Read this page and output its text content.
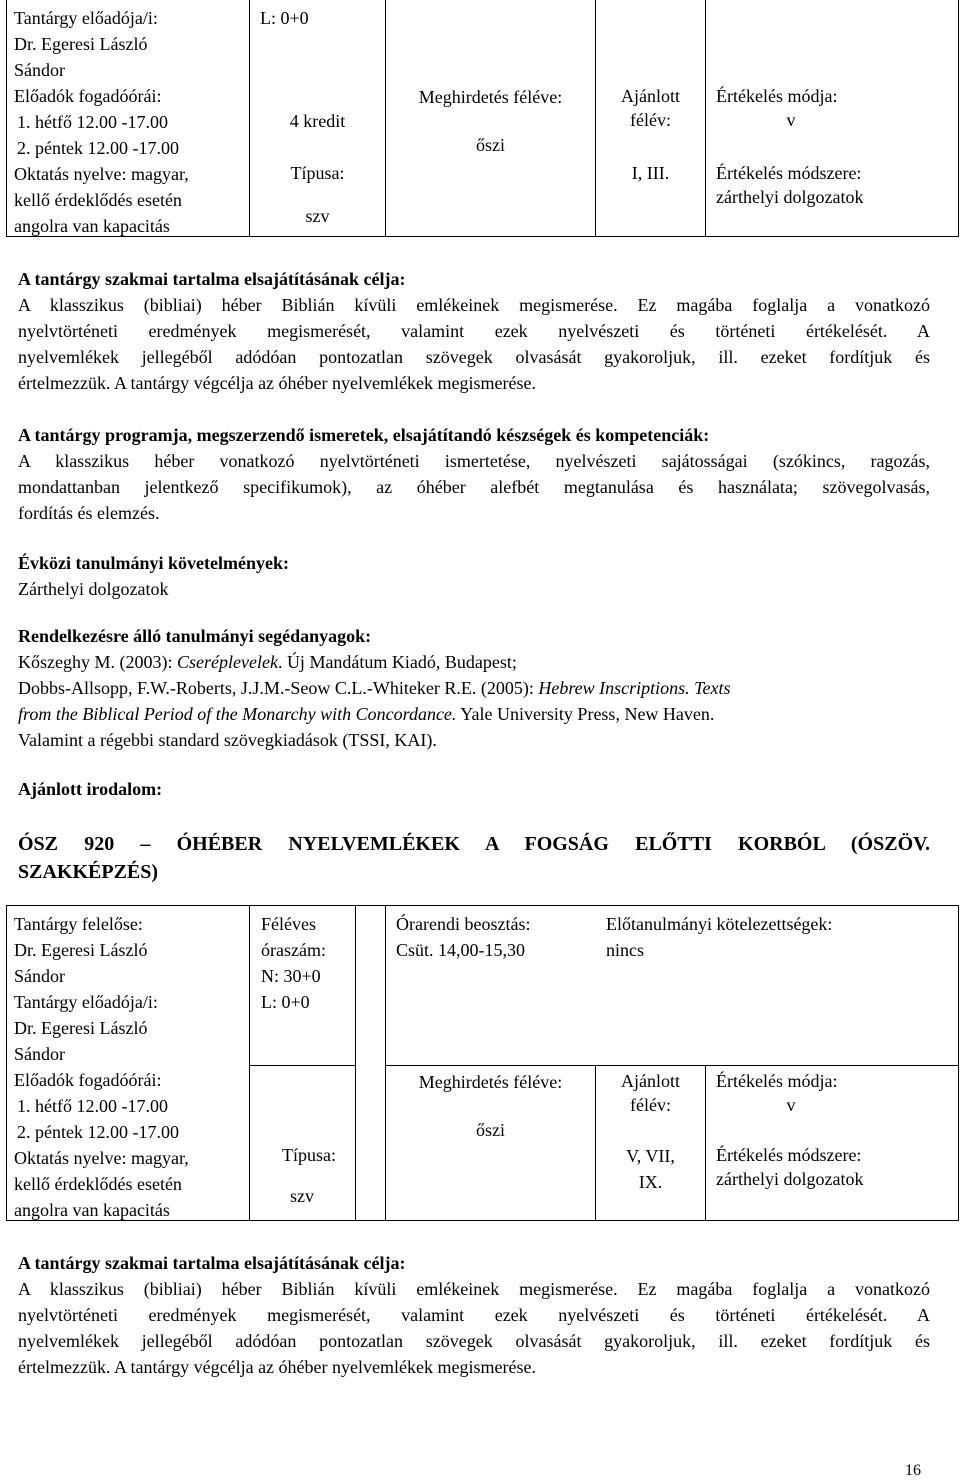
Tantárgy előadója/i:
Dr. Egeresi László
Sándor
Előadók fogadóórái:
1. hétfő 12.00 -17.00
2. péntek 12.00 -17.00
Oktatás nyelve: magyar,
kellő érdeklődés esetén
angolra van kapacitás
L: 0+0
4 kredit
Típusa:
szv
Meghirdetés féléve:
őszi
Ajánlott
félév:
I, III.
Értékelés módja:
v
Értékelés módszere:
zárthelyi dolgozatok
A tantárgy szakmai tartalma elsajátításának célja:
A klasszikus (bibliai) héber Biblián kívüli emlékeinek megismerése. Ez magába foglalja a vonatkozó
nyelvtörténeti eredmények megismerését, valamint ezek nyelvészeti és történeti értékelését. A
nyelvemlékek jellegéből adódóan pontozatlan szövegek olvasását gyakoroljuk, ill. ezeket fordítjuk és
értelmezzük. A tantárgy végcélja az óhéber nyelvemlékek megismerése.
A tantárgy programja, megszerzendő ismeretek, elsajátítandó készségek és kompetenciák:
A klasszikus héber vonatkozó nyelvtörténeti ismertetése, nyelvészeti sajátosságai (szókincs, ragozás,
mondattanban jelentkező specifikumok), az óhéber alefbét megtanulása és használata; szövegolvasás,
fordítás és elemzés.
Évközi tanulmányi követelmények:
Zárthelyi dolgozatok
Rendelkezésre álló tanulmányi segédanyagok:
Kőszeghy M. (2003): Cseréplevelek. Új Mandátum Kiadó, Budapest;
Dobbs-Allsopp, F.W.-Roberts, J.J.M.-Seow C.L.-Whiteker R.E. (2005): Hebrew Inscriptions. Texts
from the Biblical Period of the Monarchy with Concordance. Yale University Press, New Haven.
Valamint a régebbi standard szövegkiadások (TSSI, KAI).
Ajánlott irodalom:
ÓSZ 920 – ÓHÉBER NYELVEMLÉKEK A FOGSÁG ELŐTTI KORBÓL (ÓSZÖV.
SZAKKÉPZÉS)
Tantárgy felelőse:
Dr. Egeresi László
Sándor
Tantárgy előadója/i:
Dr. Egeresi László
Sándor
Előadók fogadóórái:
1. hétfő 12.00 -17.00
2. péntek 12.00 -17.00
Oktatás nyelve: magyar,
kellő érdeklődés esetén
angolra van kapacitás
Féléves
óraszám:
N: 30+0
L: 0+0
Típusa:
szv
Órarendi beosztás:
Csüt. 14,00-15,30
Előtanulmányi kötelezettségek:
nincs
Meghirdetés féléve:
őszi
Ajánlott
félév:
V, VII,
IX.
Értékelés módja:
v
Értékelés módszere:
zárthelyi dolgozatok
A tantárgy szakmai tartalma elsajátításának célja:
A klasszikus (bibliai) héber Biblián kívüli emlékeinek megismerése. Ez magába foglalja a vonatkozó
nyelvtörténeti eredmények megismerését, valamint ezek nyelvészeti és történeti értékelését. A
nyelvemlékek jellegéből adódóan pontozatlan szövegek olvasását gyakoroljuk, ill. ezeket fordítjuk és
értelmezzük. A tantárgy végcélja az óhéber nyelvemlékek megismerése.
16
